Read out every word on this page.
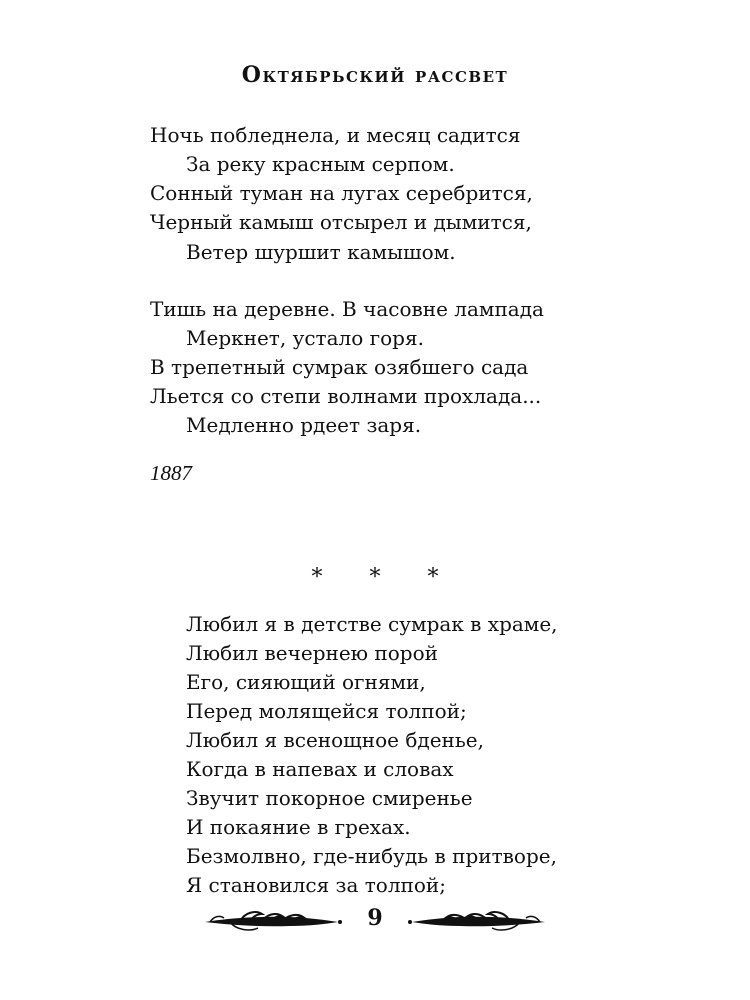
Октябрьский рассвет
Ночь побледнела, и месяц садится
За реку красным серпом.
Сонный туман на лугах серебрится,
Черный камыш отсырел и дымится,
Ветер шуршит камышом.
Тишь на деревне. В часовне лампада
Меркнет, устало горя.
В трепетный сумрак озябшего сада
Льется со степи волнами прохлада...
Медленно рдеет заря.
1887
* * *
Любил я в детстве сумрак в храме,
Любил вечернею порой
Его, сияющий огнями,
Перед молящейся толпой;
Любил я всенощное бденье,
Когда в напевах и словах
Звучит покорное смиренье
И покаяние в грехах.
Безмолвно, где-нибудь в притворе,
Я становился за толпой;
9
